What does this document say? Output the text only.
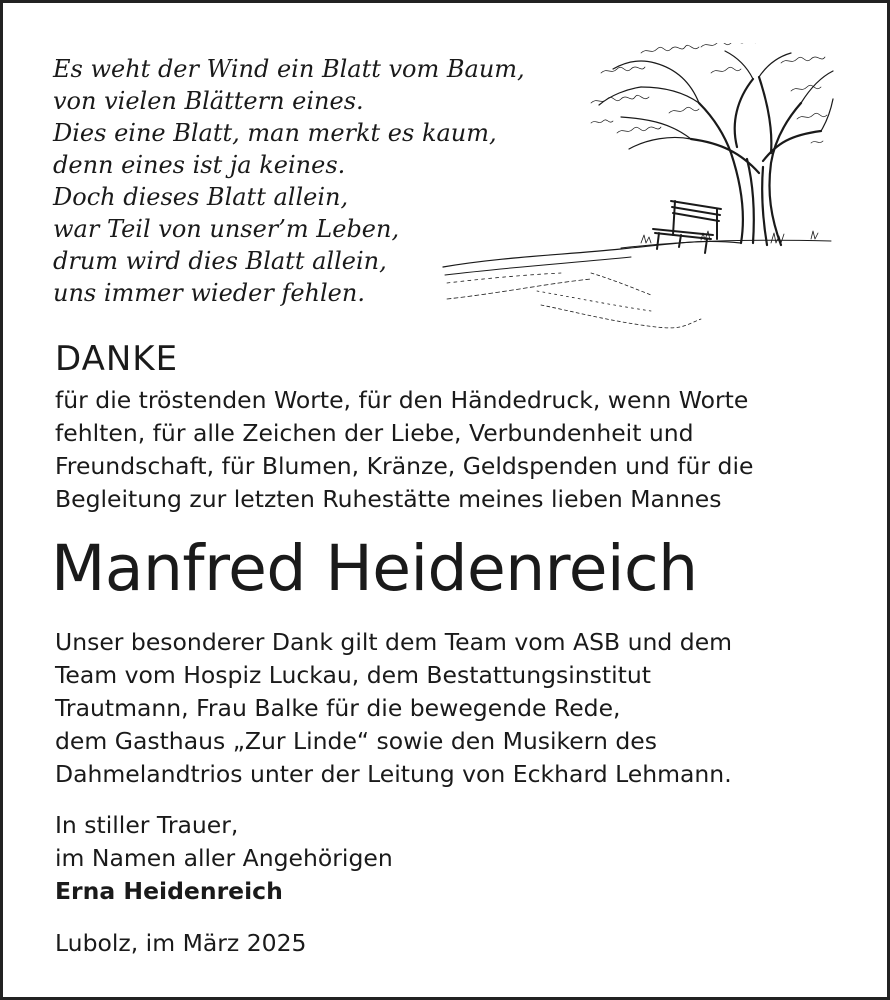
Es weht der Wind ein Blatt vom Baum,
von vielen Blättern eines.
Dies eine Blatt, man merkt es kaum,
denn eines ist ja keines.
Doch dieses Blatt allein,
war Teil von unser’m Leben,
drum wird dies Blatt allein,
uns immer wieder fehlen.
DANKE
für die tröstenden Worte, für den Händedruck, wenn Worte
fehlten, für alle Zeichen der Liebe, Verbundenheit und
Freundschaft, für Blumen, Kränze, Geldspenden und für die
Begleitung zur letzten Ruhestätte meines lieben Mannes
Manfred Heidenreich
Unser besonderer Dank gilt dem Team vom ASB und dem
Team vom Hospiz Luckau, dem Bestattungsinstitut
Trautmann, Frau Balke für die bewegende Rede,
dem Gasthaus „Zur Linde“ sowie den Musikern des
Dahmelandtrios unter der Leitung von Eckhard Lehmann.
In stiller Trauer,
im Namen aller Angehörigen
Erna Heidenreich
Lubolz, im März 2025
